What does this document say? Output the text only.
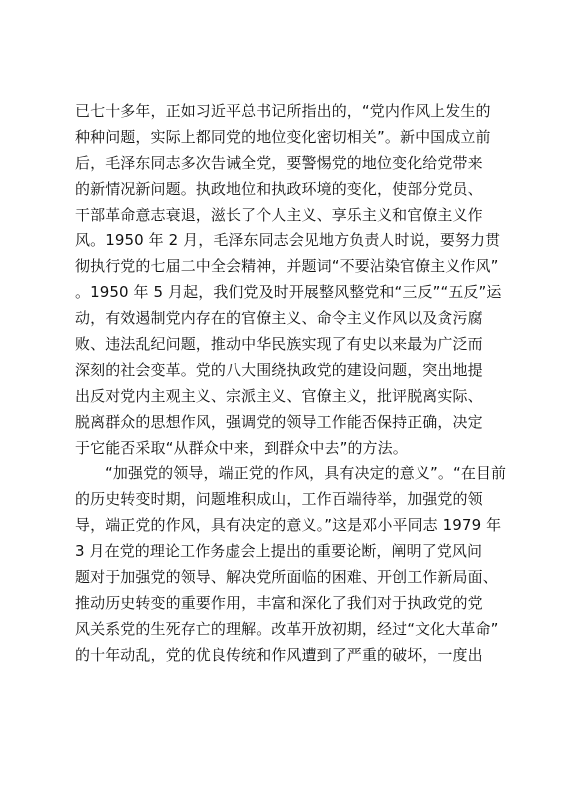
已七十多年，正如习近平总书记所指出的，“党内作风上发生的
种种问题，实际上都同党的地位变化密切相关”。新中国成立前
后，毛泽东同志多次告诫全党，要警惕党的地位变化给党带来
的新情况新问题。执政地位和执政环境的变化，使部分党员、
干部革命意志衰退，滋长了个人主义、享乐主义和官僚主义作
风。1950 年 2 月，毛泽东同志会见地方负责人时说，要努力贯
彻执行党的七届二中全会精神，并题词“不要沾染官僚主义作风”
。1950 年 5 月起，我们党及时开展整风整党和“三反”“五反”运
动，有效遏制党内存在的官僚主义、命令主义作风以及贪污腐
败、违法乱纪问题，推动中华民族实现了有史以来最为广泛而
深刻的社会变革。党的八大围绕执政党的建设问题，突出地提
出反对党内主观主义、宗派主义、官僚主义，批评脱离实际、
脱离群众的思想作风，强调党的领导工作能否保持正确，决定
于它能否采取“从群众中来，到群众中去”的方法。
“加强党的领导，端正党的作风，具有决定的意义”。“在目前
的历史转变时期，问题堆积成山，工作百端待举，加强党的领
导，端正党的作风，具有决定的意义。”这是邓小平同志 1979 年
3 月在党的理论工作务虚会上提出的重要论断，阐明了党风问
题对于加强党的领导、解决党所面临的困难、开创工作新局面、
推动历史转变的重要作用，丰富和深化了我们对于执政党的党
风关系党的生死存亡的理解。改革开放初期，经过“文化大革命”
的十年动乱，党的优良传统和作风遭到了严重的破坏，一度出
